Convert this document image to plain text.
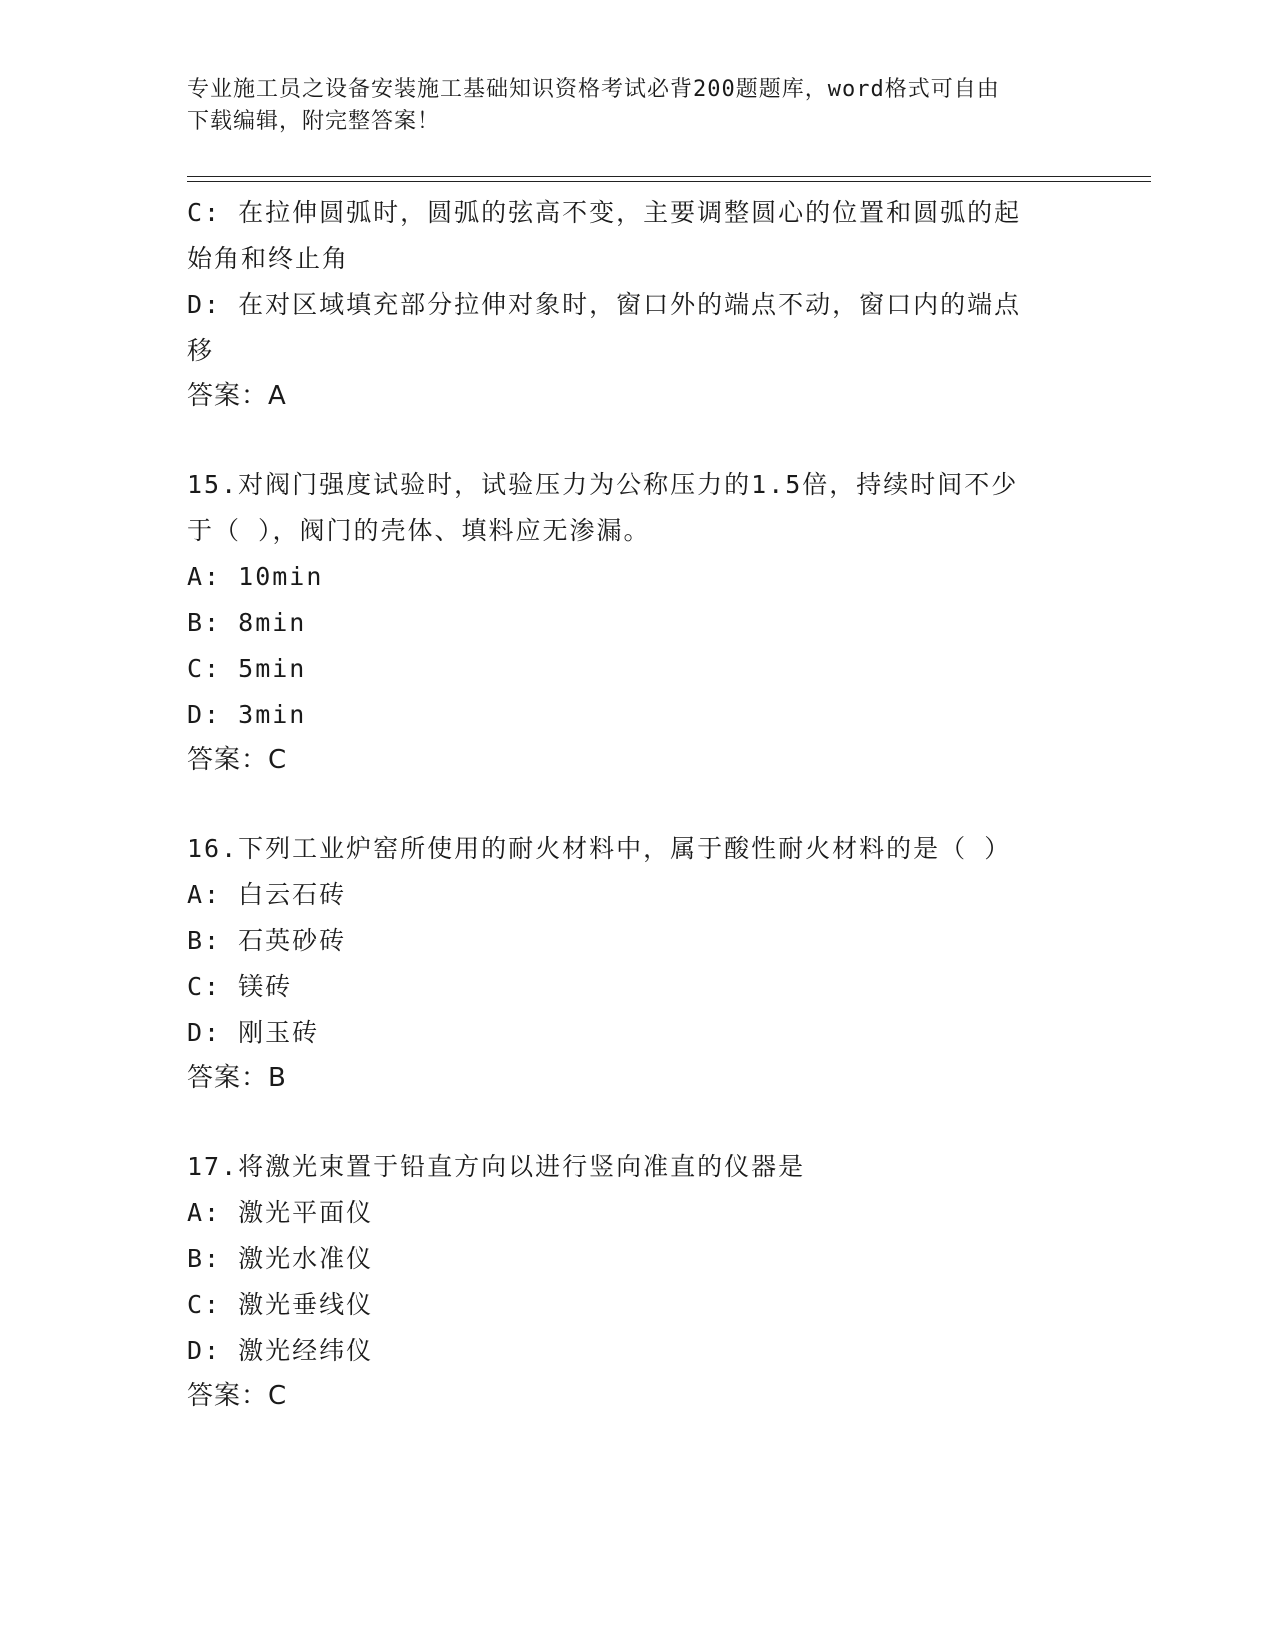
专业施工员之设备安装施工基础知识资格考试必背200题题库，word格式可自由
下载编辑，附完整答案！
C: 在拉伸圆弧时，圆弧的弦高不变，主要调整圆心的位置和圆弧的起
始角和终止角
D: 在对区域填充部分拉伸对象时，窗口外的端点不动，窗口内的端点
移
答案：A
15.对阀门强度试验时，试验压力为公称压力的1.5倍，持续时间不少
于（ ），阀门的壳体、填料应无渗漏。
A: 10min
B: 8min
C: 5min
D: 3min
答案：C
16.下列工业炉窑所使用的耐火材料中，属于酸性耐火材料的是（ ）
A: 白云石砖
B: 石英砂砖
C: 镁砖
D: 刚玉砖
答案：B
17.将激光束置于铅直方向以进行竖向准直的仪器是
A: 激光平面仪
B: 激光水准仪
C: 激光垂线仪
D: 激光经纬仪
答案：C
